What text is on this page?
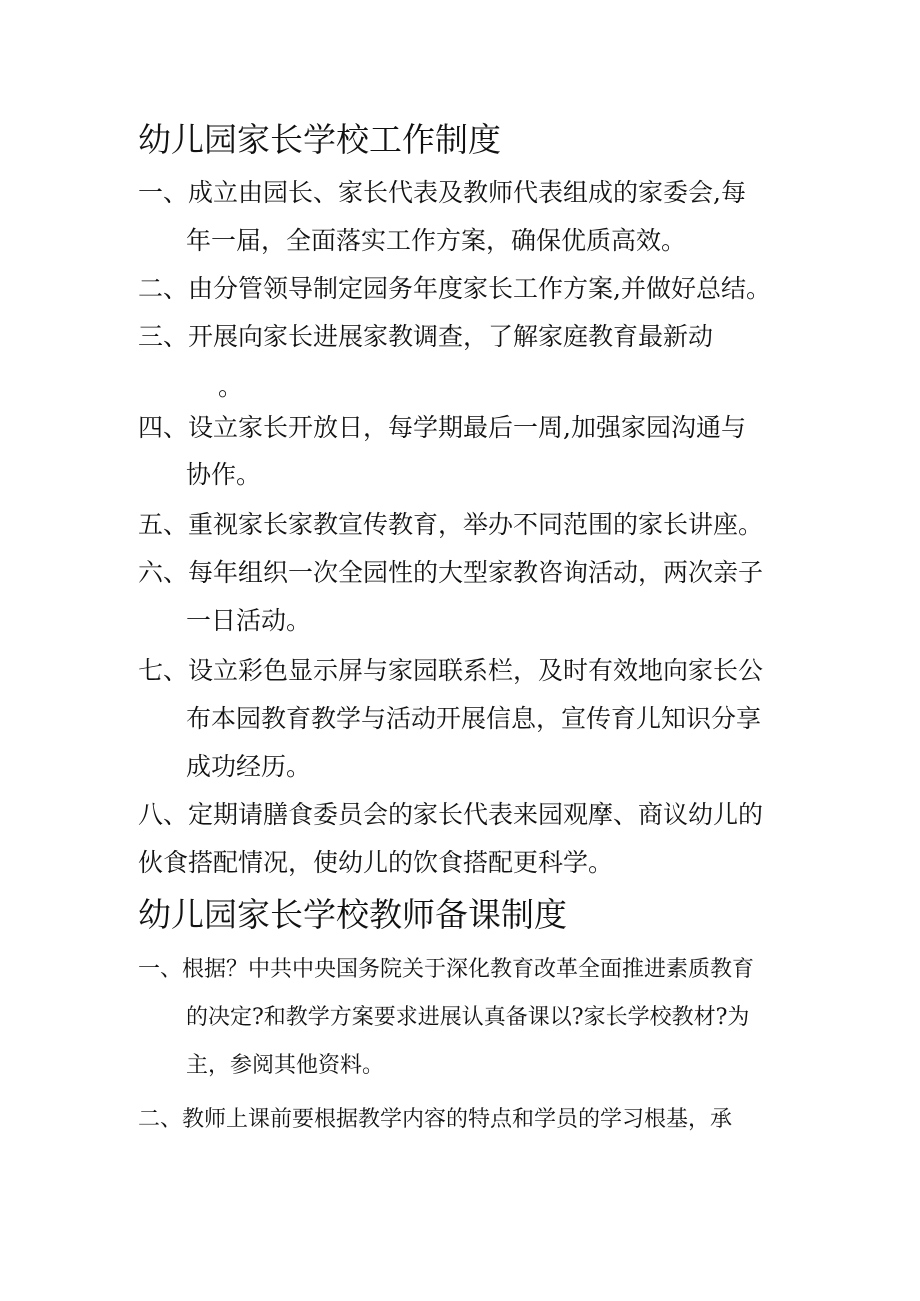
幼儿园家长学校工作制度
一、成立由园长、家长代表及教师代表组成的家委会,每
年一届，全面落实工作方案，确保优质高效。
二、由分管领导制定园务年度家长工作方案,并做好总结。
三、开展向家长进展家教调查，了解家庭教育最新动
。
四、设立家长开放日，每学期最后一周,加强家园沟通与
协作。
五、重视家长家教宣传教育，举办不同范围的家长讲座。
六、每年组织一次全园性的大型家教咨询活动，两次亲子
一日活动。
七、设立彩色显示屏与家园联系栏，及时有效地向家长公
布本园教育教学与活动开展信息，宣传育儿知识分享
成功经历。
八、定期请膳食委员会的家长代表来园观摩、商议幼儿的
伙食搭配情况，使幼儿的饮食搭配更科学。
幼儿园家长学校教师备课制度
一、根据？中共中央国务院关于深化教育改革全面推进素质教育
的决定?和教学方案要求进展认真备课以?家长学校教材?为
主，参阅其他资料。
二、教师上课前要根据教学内容的特点和学员的学习根基，承
